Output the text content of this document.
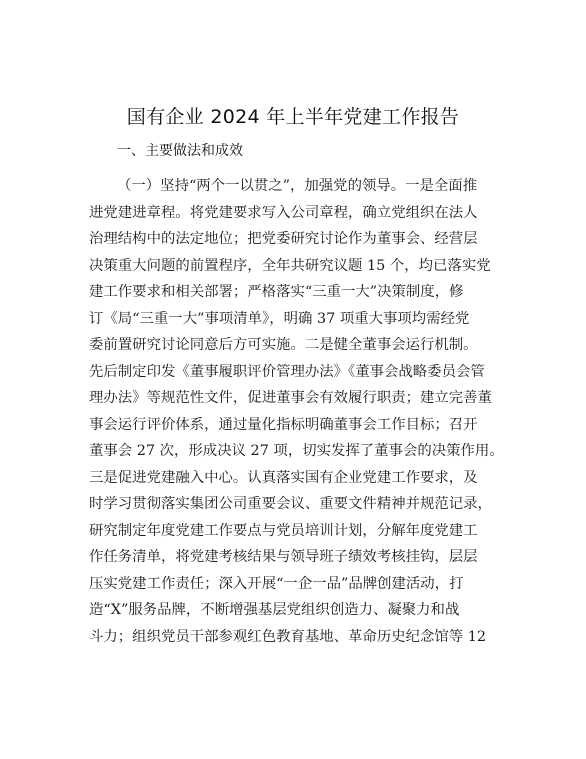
国有企业 2024 年上半年党建工作报告
一、主要做法和成效
（一）坚持“两个一以贯之”，加强党的领导。一是全面推
进党建进章程。将党建要求写入公司章程，确立党组织在法人
治理结构中的法定地位；把党委研究讨论作为董事会、经营层
决策重大问题的前置程序，全年共研究议题 15 个，均已落实党
建工作要求和相关部署；严格落实“三重一大”决策制度，修
订《局“三重一大”事项清单》，明确 37 项重大事项均需经党
委前置研究讨论同意后方可实施。二是健全董事会运行机制。
先后制定印发《董事履职评价管理办法》《董事会战略委员会管
理办法》等规范性文件，促进董事会有效履行职责；建立完善董
事会运行评价体系，通过量化指标明确董事会工作目标；召开
董事会 27 次，形成决议 27 项，切实发挥了董事会的决策作用。
三是促进党建融入中心。认真落实国有企业党建工作要求，及
时学习贯彻落实集团公司重要会议、重要文件精神并规范记录，
研究制定年度党建工作要点与党员培训计划，分解年度党建工
作任务清单，将党建考核结果与领导班子绩效考核挂钩，层层
压实党建工作责任；深入开展“一企一品”品牌创建活动，打
造“X”服务品牌，不断增强基层党组织创造力、凝聚力和战
斗力；组织党员干部参观红色教育基地、革命历史纪念馆等 12
